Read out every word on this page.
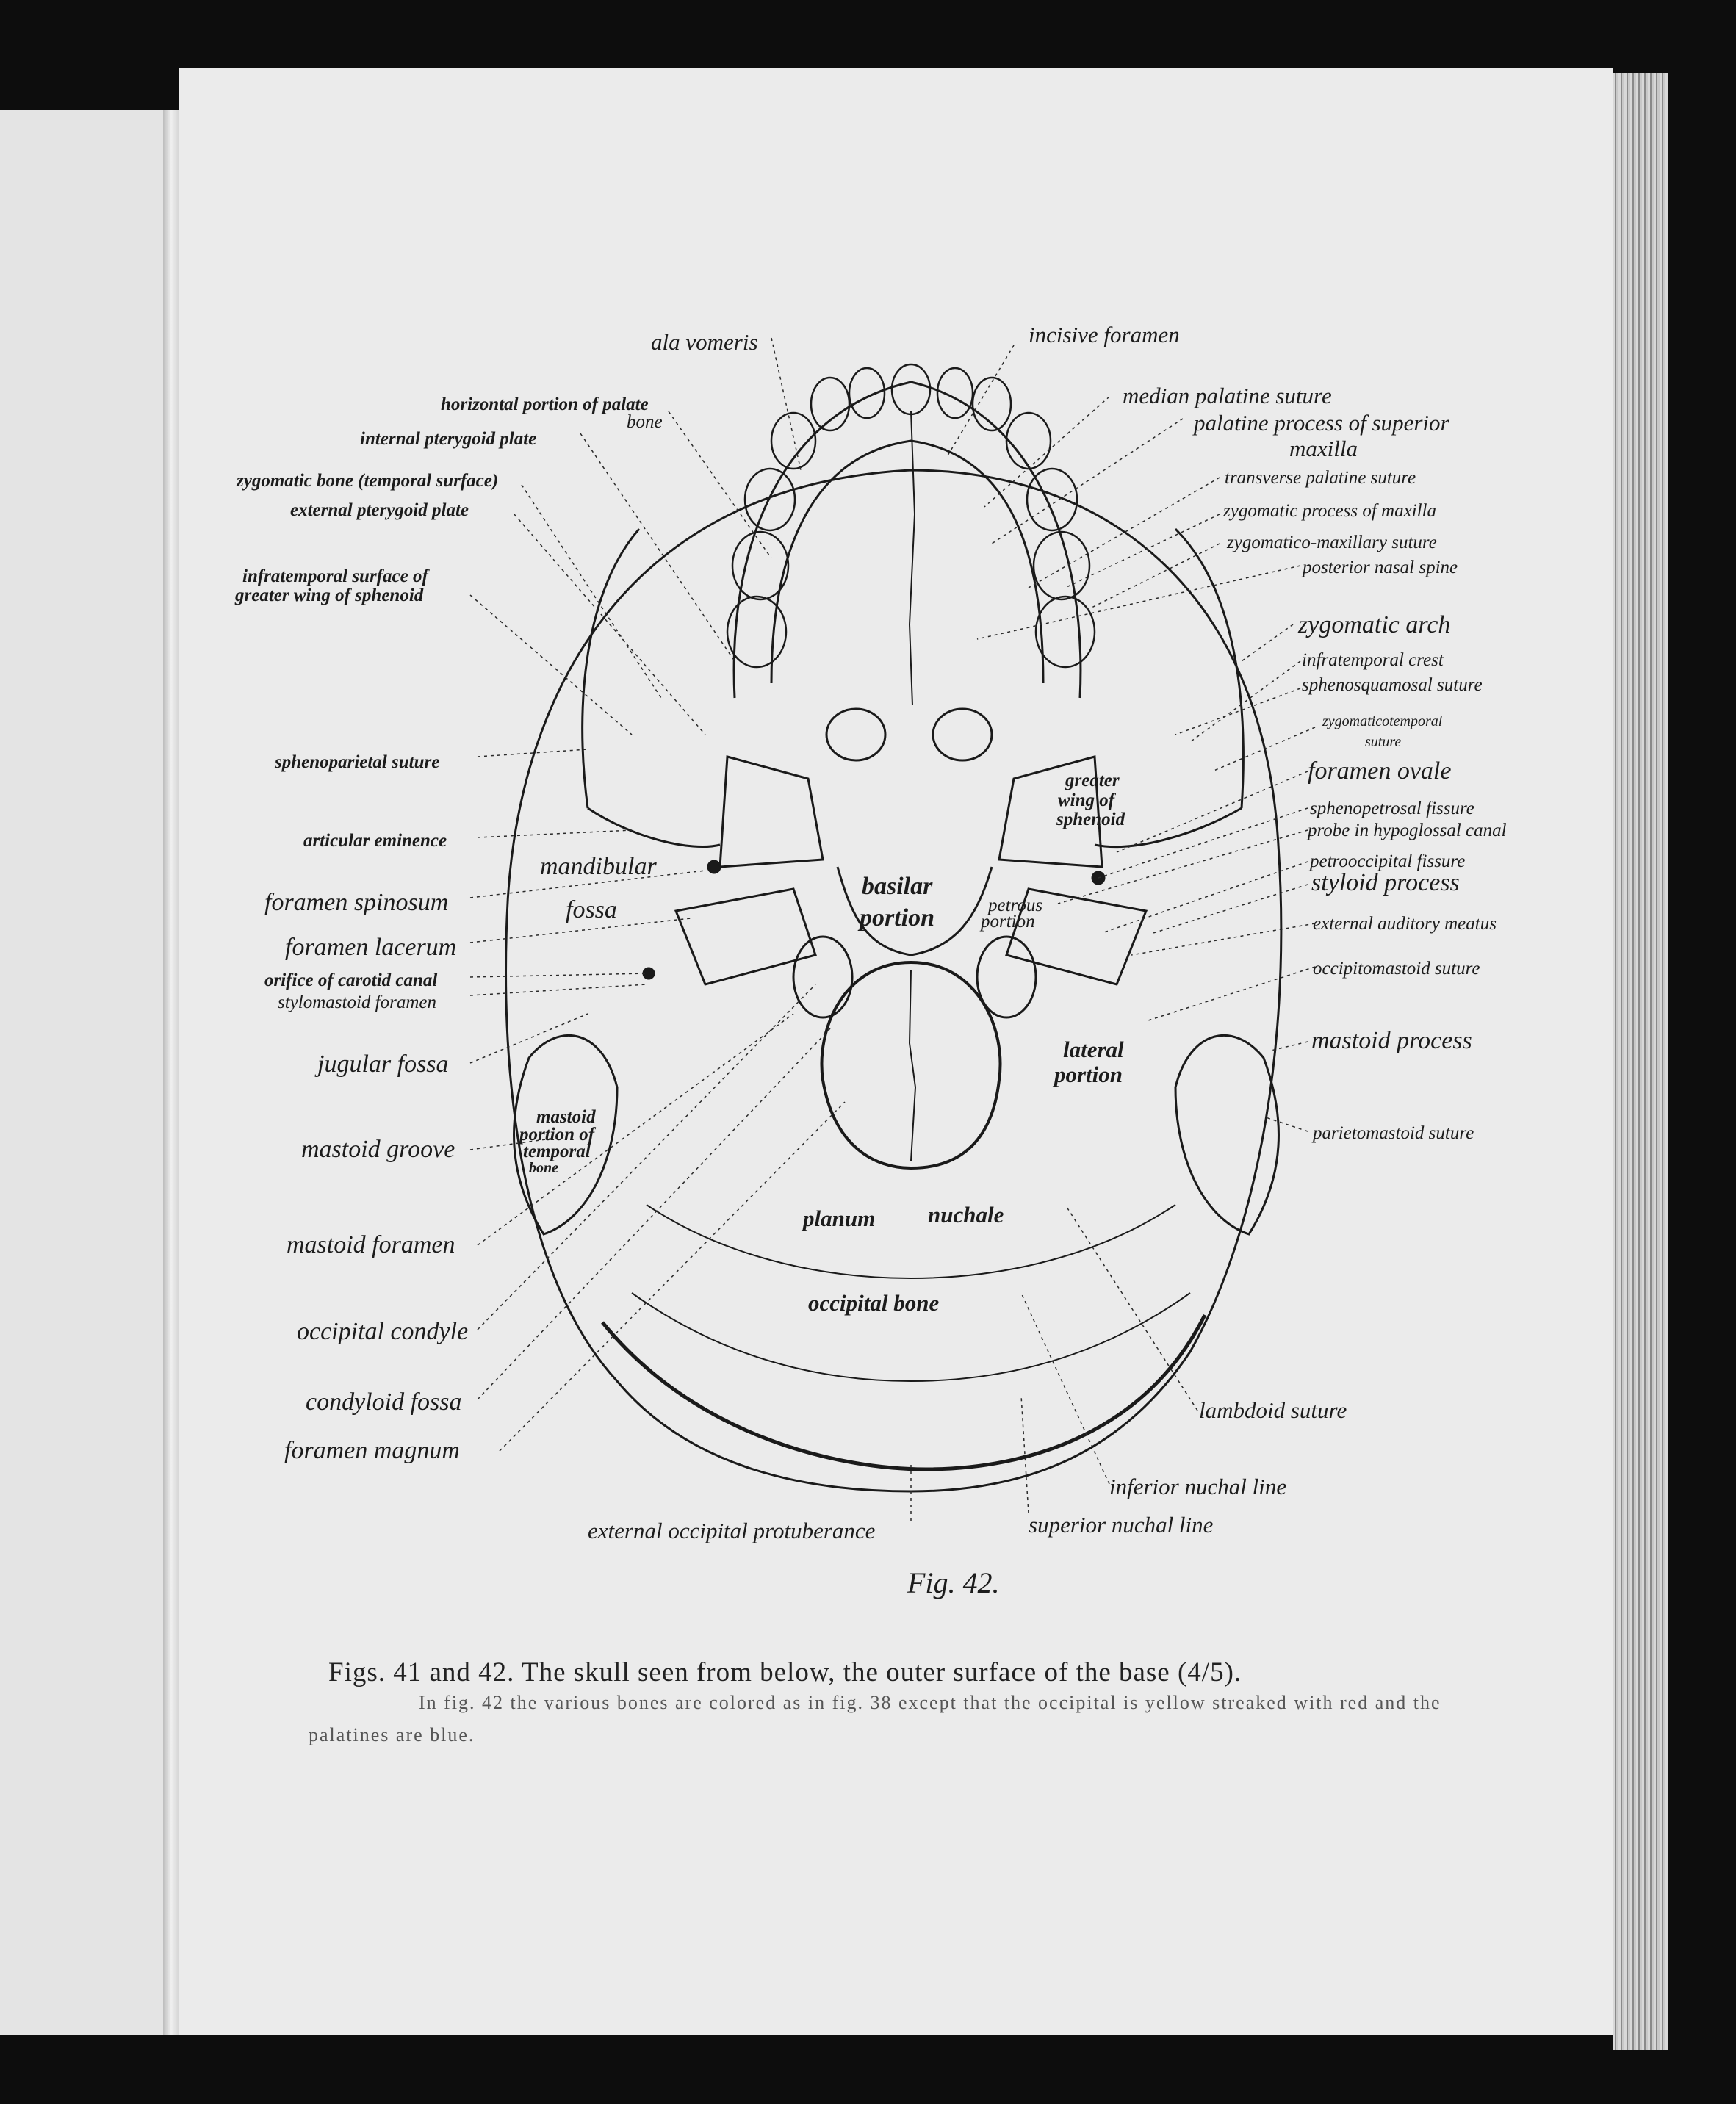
ala vomeris	incisive foramen

horizontal portion of palate

bone

internal pterygoid plate

zygomatic bone (temporal surface)

external pterygoid plate

infratemporal surface of

greater wing of sphenoid

sphenoparietal suture

articular eminence

foramen spinosum

foramen lacerum

orifice of carotid canal

stylomastoid foramen

jugular fossa

mastoid groove

mastoid foramen

occipital condyle

condyloid fossa

foramen magnum

median palatine suture

palatine process of superior

maxilla

transverse palatine suture

zygomatic process of maxilla

zygomatico-maxillary suture

posterior nasal spine

zygomatic arch

infratemporal crest

sphenosquamosal suture

zygomaticotemporal

suture

foramen ovale

sphenopetrosal fissure

probe in hypoglossal canal

petrooccipital fissure

styloid process

external auditory meatus

occipitomastoid suture

mastoid process

parietomastoid suture

lambdoid suture

inferior nuchal line

superior nuchal line

external occipital protuberance

mandibular

fossa

basilar

portion	petrous

portion

greater

wing of

sphenoid

lateral

portion

mastoid

portion of

temporal

bone

planum nuchale

occipital bone

Fig. 42.

Figs. 41 and 42. The skull seen from below, the outer surface of the base (4/5).

In fig. 42 the various bones are colored as in fig. 38 except that the occipital is yellow streaked with red and the palatines are blue.
